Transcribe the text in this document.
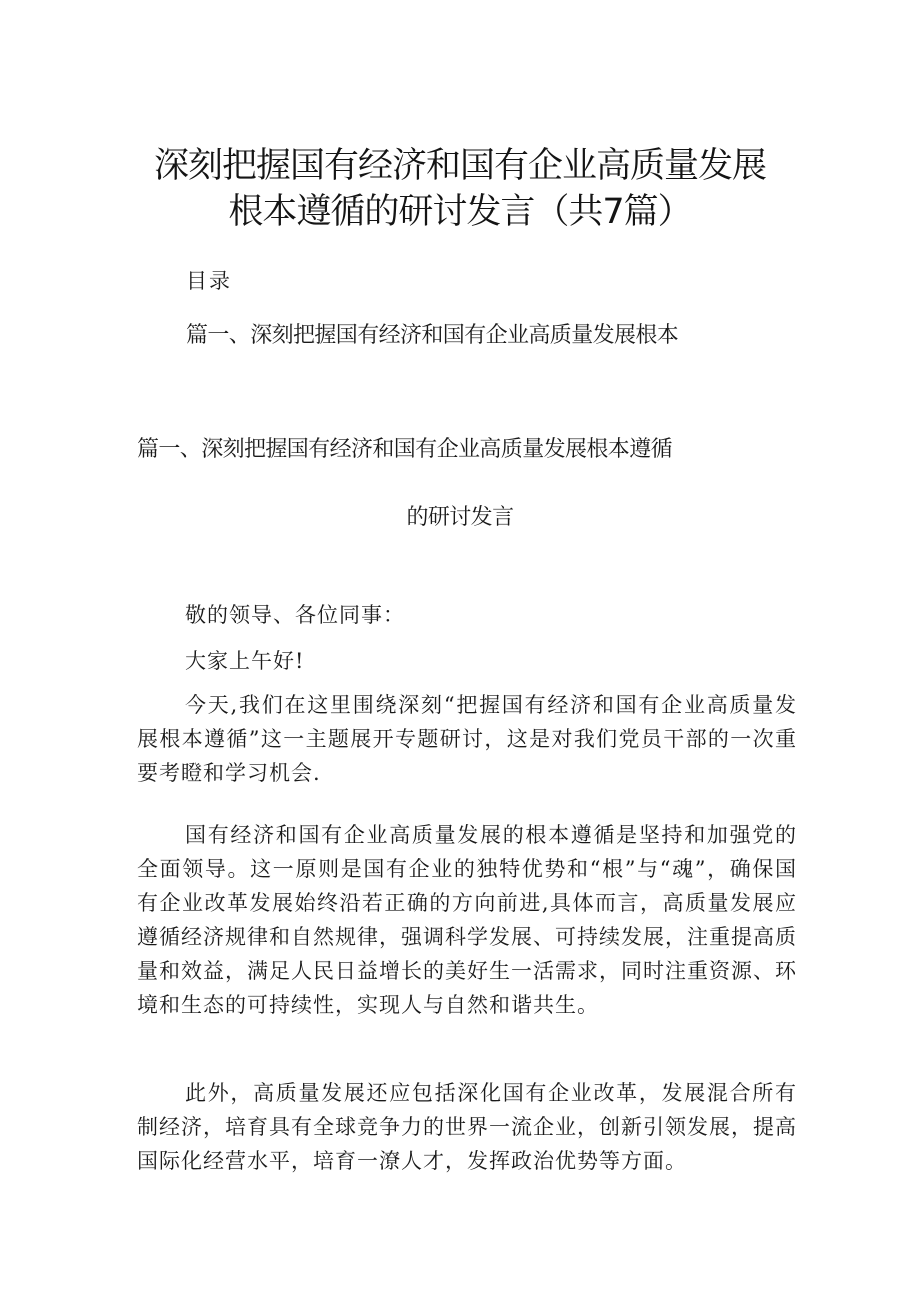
深刻把握国有经济和国有企业高质量发展
根本遵循的研讨发言（共7篇）
目录
篇一、深刻把握国有经济和国有企业高质量发展根本
篇一、深刻把握国有经济和国有企业高质量发展根本遵循
的研讨发言

敬的领导、各位同事：

大家上午好!

今天,我们在这里围绕深刻“把握国有经济和国有企业高质量发展根本遵循”这一主题展开专题研讨，这是对我们党员干部的一次重要考瞪和学习机会.

国有经济和国有企业高质量发展的根本遵循是坚持和加强党的全面领导。这一原则是国有企业的独特优势和“根”与“魂”，确保国有企业改革发展始终沿若正确的方向前进,具体而言，高质量发展应遵循经济规律和自然规律，强调科学发展、可持续发展，注重提高质量和效益，满足人民日益增长的美好生一活需求，同时注重资源、环境和生态的可持续性，实现人与自然和谐共生。

此外，高质量发展还应包括深化国有企业改革，发展混合所有制经济，培育具有全球竞争力的世界一流企业，创新引领发展，提高国际化经营水平，培育一潦人才，发挥政治优势等方面。
